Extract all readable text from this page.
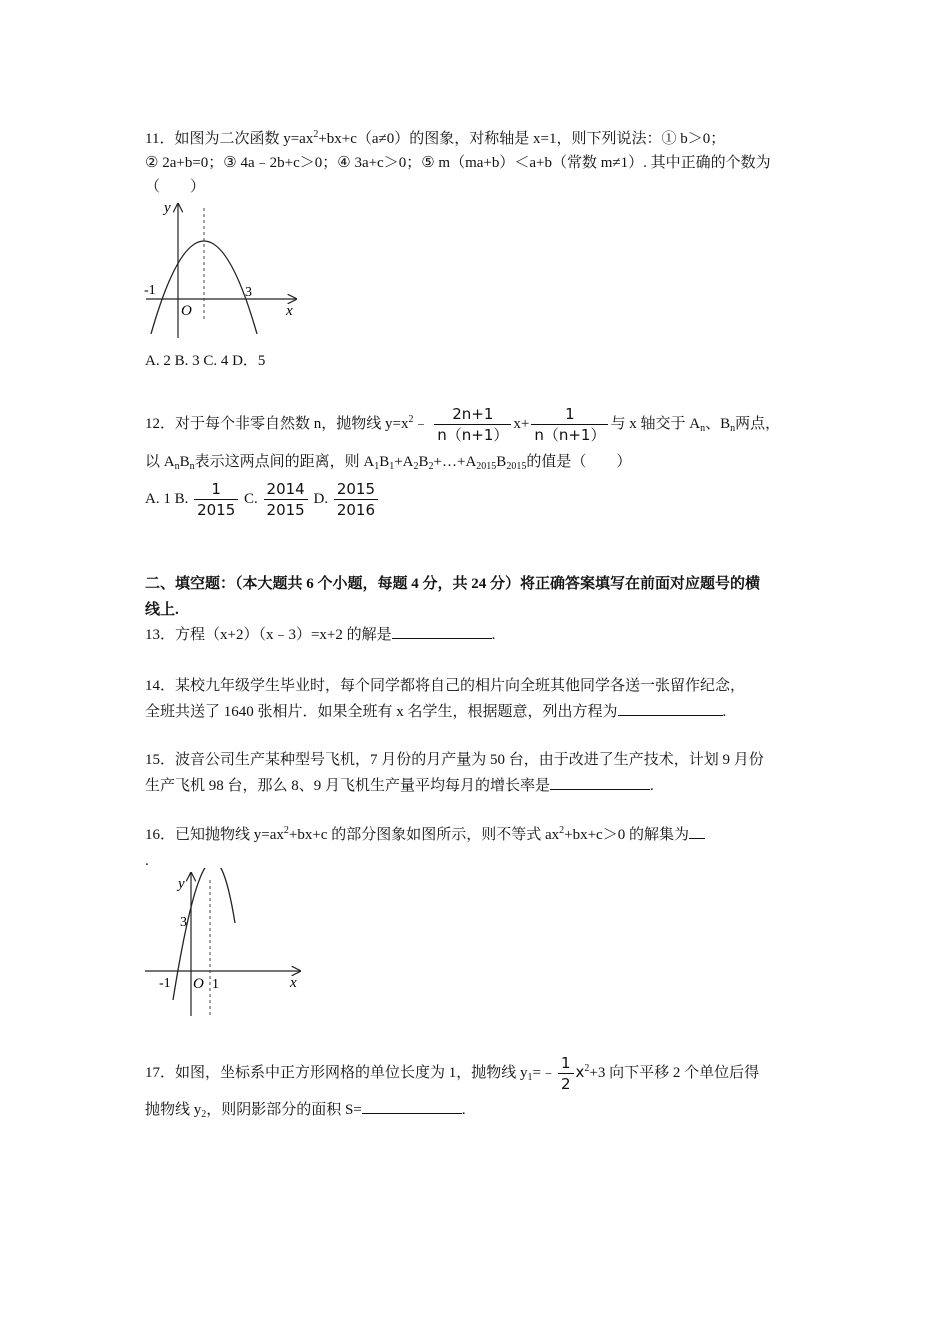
11．如图为二次函数 $y=ax^2+bx+c(a\ne 0)$的图象，对称轴是 x=1，则下列说法：① b＞0；
② 2a+b=0；③ 4a﹣2b+c＞0；④ 3a+c＞0；⑤ m（ma+b）＜a+b（常数 m≠1）. 其中正确的个数为
（　　）
y
x
O
-1	3
A. 2 B. 3 C. 4 D．5
12．对于每个非零自然数 n，抛物线 $y=x^2﹣ \frac{2n+1}{n(n+1)} x+ \frac{1}{n(n+1)}$ 与 x 轴交于 $A_n$、$B_n$两点，
以 $A_nB_n$表示这两点间的距离，则 $A_1B_1+A_2B_2+\dots+A_{2015}B_{2015}$的值是（　　）
A. 1 B. $\frac{1}{2015} C$. $\frac{2014}{2015} D$. $\frac{2015}{2016}$
二、填空题：（本大题共 6 个小题，每题 4 分，共 24 分）将正确答案填写在前面对应题号的横
线上.
13．方程（x+2）（x﹣3）=x+2 的解是	.
14．某校九年级学生毕业时，每个同学都将自己的相片向全班其他同学各送一张留作纪念，
全班共送了 1640 张相片．如果全班有 x 名学生，根据题意，列出方程为	.
15．波音公司生产某种型号飞机，7 月份的月产量为 50 台，由于改进了生产技术，计划 9 月份
生产飞机 98 台，那么 8、9 月飞机生产量平均每月的增长率是	.
16．已知抛物线 $y=ax^2+bx+c$ 的部分图象如图所示，则不等式 $ax^2+bx+c>0$ 的解集为
.
y
x
O
-1	1
3
17．如图，坐标系中正方形网格的单位长度为 1，抛物线 $y_1=﹣ \frac{1}{2} x^2+3$ 向下平移 2 个单位后得
抛物线 $y_2$，则阴影部分的面积 S=	.
